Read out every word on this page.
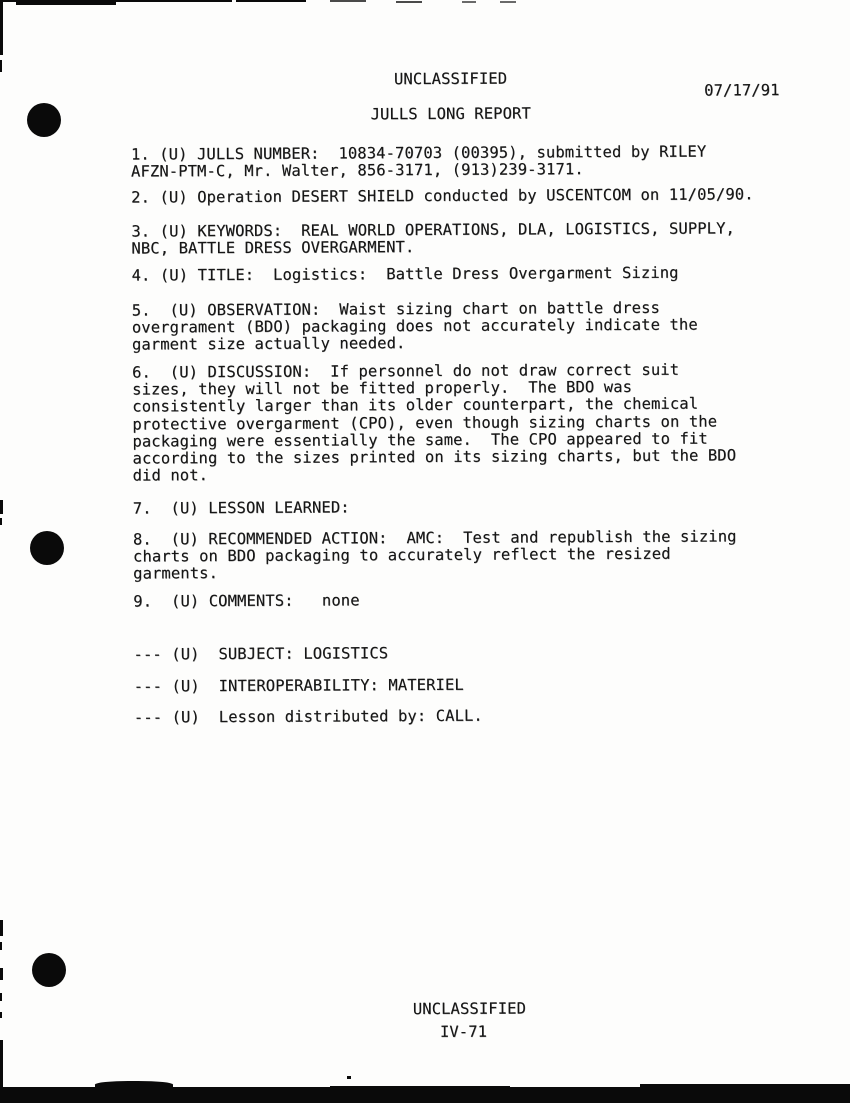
UNCLASSIFIED
07/17/91
JULLS LONG REPORT
1. (U) JULLS NUMBER:  10834-70703 (00395), submitted by RILEY
AFZN-PTM-C, Mr. Walter, 856-3171, (913)239-3171.
2. (U) Operation DESERT SHIELD conducted by USCENTCOM on 11/05/90.
3. (U) KEYWORDS:  REAL WORLD OPERATIONS, DLA, LOGISTICS, SUPPLY,
NBC, BATTLE DRESS OVERGARMENT.
4. (U) TITLE:  Logistics:  Battle Dress Overgarment Sizing
5.  (U) OBSERVATION:  Waist sizing chart on battle dress
overgrament (BDO) packaging does not accurately indicate the
garment size actually needed.
6.  (U) DISCUSSION:  If personnel do not draw correct suit
sizes, they will not be fitted properly.  The BDO was
consistently larger than its older counterpart, the chemical
protective overgarment (CPO), even though sizing charts on the
packaging were essentially the same.  The CPO appeared to fit
according to the sizes printed on its sizing charts, but the BDO
did not.
7.  (U) LESSON LEARNED:
8.  (U) RECOMMENDED ACTION:  AMC:  Test and republish the sizing
charts on BDO packaging to accurately reflect the resized
garments.
9.  (U) COMMENTS:   none
--- (U)  SUBJECT: LOGISTICS
--- (U)  INTEROPERABILITY: MATERIEL
--- (U)  Lesson distributed by: CALL.
UNCLASSIFIED
IV-71
